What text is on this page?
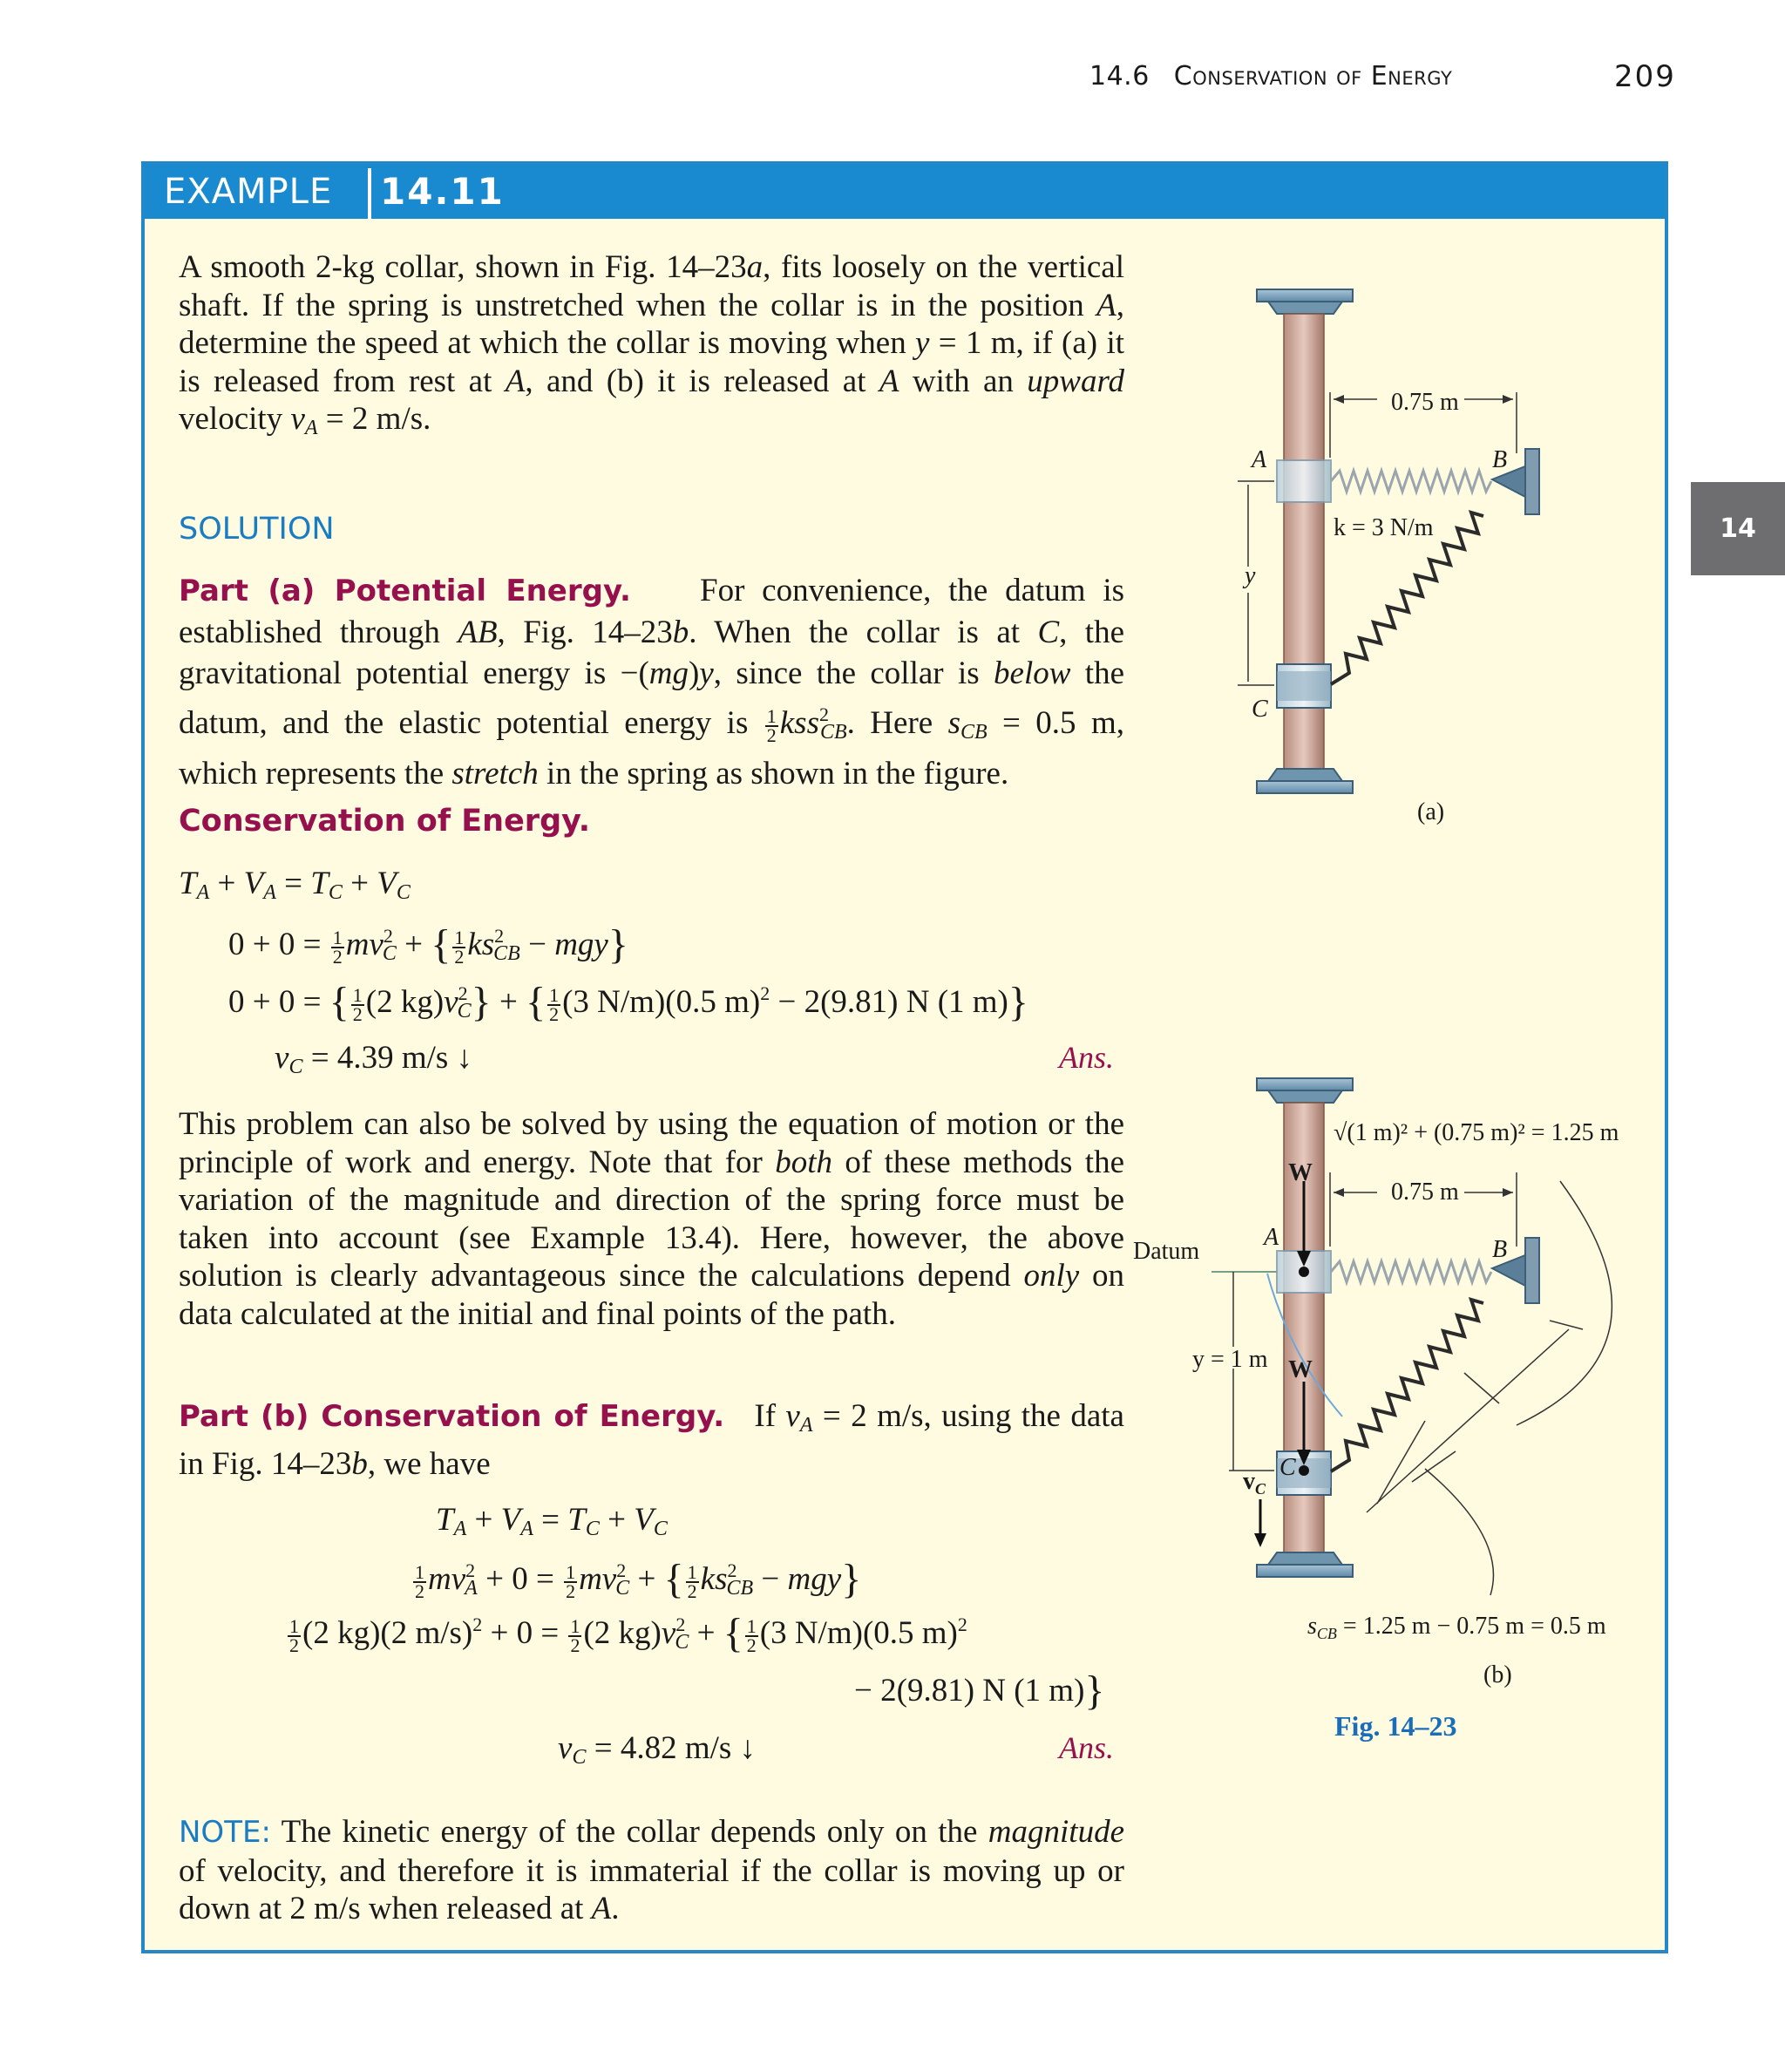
14.6 Conservation of Energy	209
14
EXAMPLE 14.11
A smooth 2-kg collar, shown in Fig. 14–23a, fits loosely on the vertical shaft. If the spring is unstretched when the collar is in the position A, determine the speed at which the collar is moving when y = 1 m, if (a) it is released from rest at A, and (b) it is released at A with an upward velocity $v_A = 2$ m/s.
SOLUTION
Part (a) Potential Energy. For convenience, the datum is established through AB, Fig. 14–23b. When the collar is at C, the gravitational potential energy is −(mg)y, since the collar is below the datum, and the elastic potential energy is $\frac{1}{2} kss^2_{CB}$. Here $s_{CB} = 0.5$ m, which represents the stretch in the spring as shown in the figure.
Conservation of Energy.
$T_A + V_A = T_C + V_C$
$0 + 0 = \frac{1}{2} mv^2_C$ + { $\frac{1}{2} ks^2_{CB} - mgy$}
0 + 0 = { $\frac{1}{2} (2$ $kg)v^2_C$} + { $\frac{1}{2} (3$ N/m)(0.5 m)$^2$ − 2(9.81) N (1 m)}
$v_C = 4.39$ m/s ↓	Ans.
This problem can also be solved by using the equation of motion or the principle of work and energy. Note that for both of these methods the variation of the magnitude and direction of the spring force must be taken into account (see Example 13.4). Here, however, the above solution is clearly advantageous since the calculations depend only on data calculated at the initial and final points of the path.
Part (b) Conservation of Energy. If $v_A = 2$ m/s, using the data in Fig. 14–23b, we have
$T_A + V_A = T_C + V_C$
$\frac{1}{2} mv^2_A + 0 = \frac{1}{2} mv^2_C$ + { $\frac{1}{2} ks^2_{CB} - mgy$}
$\frac{1}{2} (2$ kg)(2 $m/s)^2 + 0 = \frac{1}{2} (2$ $kg)v^2_C$ + { $\frac{1}{2} (3$ N/m)(0.5 m)$^2$
− 2(9.81) N (1 m)}
$v_C = 4.82$ m/s ↓	Ans.
NOTE: The kinetic energy of the collar depends only on the magnitude of velocity, and therefore it is immaterial if the collar is moving up or down at 2 m/s when released at A.
0.75 m
A	B
k = 3 N/m
y
C
(a)
√(1 m)² + (0.75 m)² = 1.25 m
0.75 m
W
Datum
A	B
y = 1 m W
C
$v_C$
$s_{CB} = 1.25$ m − 0.75 m = 0.5 m
(b)
Fig. 14–23
